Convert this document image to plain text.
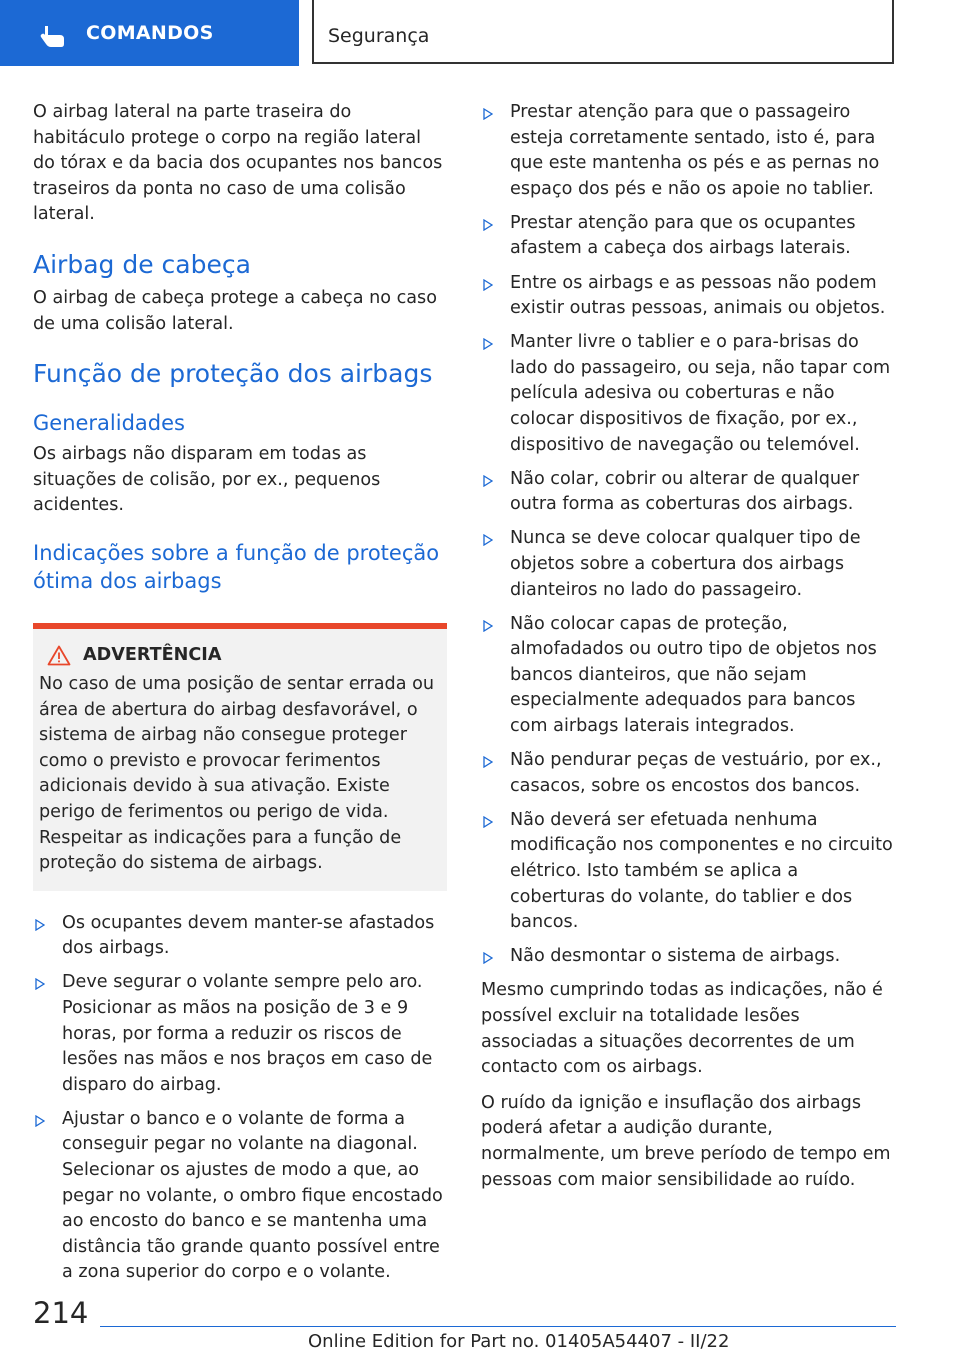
COMANDOS	Segurança

O airbag lateral na parte traseira do habitáculo protege o corpo na região lateral do tórax e da bacia dos ocupantes nos bancos traseiros da ponta no caso de uma colisão lateral.

Airbag de cabeça

O airbag de cabeça protege a cabeça no caso de uma colisão lateral.

Função de proteção dos airbags
Generalidades

Os airbags não disparam em todas as situações de colisão, por ex., pequenos acidentes.

Indicações sobre a função de proteção ótima dos airbags
ADVERTÊNCIA

No caso de uma posição de sentar errada ou área de abertura do airbag desfavorável, o sistema de airbag não consegue proteger como o previsto e provocar ferimentos adicionais devido à sua ativação. Existe perigo de ferimentos ou perigo de vida. Respeitar as indicações para a função de proteção do sistema de airbags.

Os ocupantes devem manter-se afastados dos airbags.

Deve segurar o volante sempre pelo aro. Posicionar as mãos na posição de 3 e 9 horas, por forma a reduzir os riscos de lesões nas mãos e nos braços em caso de disparo do airbag.

Ajustar o banco e o volante de forma a conseguir pegar no volante na diagonal. Selecionar os ajustes de modo a que, ao pegar no volante, o ombro fique encostado ao encosto do banco e se mantenha uma distância tão grande quanto possível entre a zona superior do corpo e o volante.

Prestar atenção para que o passageiro esteja corretamente sentado, isto é, para que este mantenha os pés e as pernas no espaço dos pés e não os apoie no tablier.

Prestar atenção para que os ocupantes afastem a cabeça dos airbags laterais.

Entre os airbags e as pessoas não podem existir outras pessoas, animais ou objetos.

Manter livre o tablier e o para-brisas do lado do passageiro, ou seja, não tapar com película adesiva ou coberturas e não colocar dispositivos de fixação, por ex., dispositivo de navegação ou telemóvel.

Não colar, cobrir ou alterar de qualquer outra forma as coberturas dos airbags.

Nunca se deve colocar qualquer tipo de objetos sobre a cobertura dos airbags dianteiros no lado do passageiro.

Não colocar capas de proteção, almofadados ou outro tipo de objetos nos bancos dianteiros, que não sejam especialmente adequados para bancos com airbags laterais integrados.

Não pendurar peças de vestuário, por ex., casacos, sobre os encostos dos bancos.

Não deverá ser efetuada nenhuma modificação nos componentes e no circuito elétrico. Isto também se aplica a coberturas do volante, do tablier e dos bancos.

Não desmontar o sistema de airbags.

Mesmo cumprindo todas as indicações, não é possível excluir na totalidade lesões associadas a situações decorrentes de um contacto com os airbags.

O ruído da ignição e insuflação dos airbags poderá afetar a audição durante, normalmente, um breve período de tempo em pessoas com maior sensibilidade ao ruído.

214
Online Edition for Part no. 01405A54407 - II/22
